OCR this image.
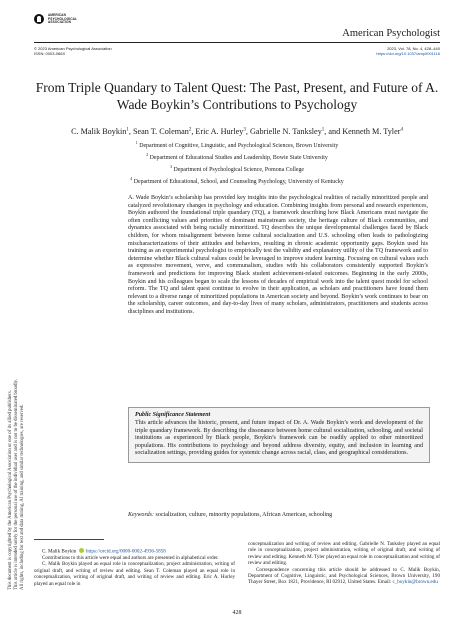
AMERICAN
PSYCHOLOGICAL
ASSOCIATION
American Psychologist
© 2023 American Psychological Association
ISSN: 0003-066X
2023, Vol. 78, No. 4, 428–440
https://doi.org/10.1037/amp0001116
This document is copyrighted by the American Psychological Association or one of its allied publishers. This article is intended solely for the personal use of the individual user and is not to be disseminated broadly. All rights, including for text and data mining, AI training, and similar technologies, are reserved.
From Triple Quandary to Talent Quest: The Past, Present, and Future of A. Wade Boykin’s Contributions to Psychology
C. Malik Boykin$^1$, Sean T. Coleman$^2$, Eric A. Hurley$^3$, Gabrielle N. Tanksley$^1$, and Kenneth M. Tyler$^4$
$^1$ Department of Cognitive, Linguistic, and Psychological Sciences, Brown University
$^2$ Department of Educational Studies and Leadership, Bowie State University
$^3$ Department of Psychological Science, Pomona College
$^4$ Department of Educational, School, and Counseling Psychology, University of Kentucky
A. Wade Boykin’s scholarship has provided key insights into the psychological realities of racially minoritized people and catalyzed revolutionary changes in psychology and education. Combining insights from personal and research experiences, Boykin authored the foundational triple quandary (TQ), a framework describing how Black Americans must navigate the often conflicting values and priorities of dominant mainstream society, the heritage culture of Black communities, and dynamics associated with being racially minoritized. TQ describes the unique developmental challenges faced by Black children, for whom misalignment between home cultural socialization and U.S. schooling often leads to pathologizing mischaracterizations of their attitudes and behaviors, resulting in chronic academic opportunity gaps. Boykin used his training as an experimental psychologist to empirically test the validity and explanatory utility of the TQ framework and to determine whether Black cultural values could be leveraged to improve student learning. Focusing on cultural values such as expressive movement, verve, and communalism, studies with his collaborators consistently supported Boykin’s framework and predictions for improving Black student achievement-related outcomes. Beginning in the early 2000s, Boykin and his colleagues began to scale the lessons of decades of empirical work into the talent quest model for school reform. The TQ and talent quest continue to evolve in their application, as scholars and practitioners have found them relevant to a diverse range of minoritized populations in American society and beyond. Boykin’s work continues to bear on the scholarship, career outcomes, and day-to-day lives of many scholars, administrators, practitioners and students across disciplines and institutions.
Public Significance Statement
This article advances the historic, present, and future impact of Dr. A. Wade Boykin’s work and development of the triple quandary framework. By describing the dissonance between home cultural socialization, schooling, and societal institutions as experienced by Black people, Boykin’s framework can be readily applied to other minoritized populations. His contributions to psychology and beyond address diversity, equity, and inclusion in learning and socialization settings, providing guides for systemic change across racial, class, and geographical considerations.
Keywords: socialization, culture, minority populations, African American, schooling

C. Malik Boykin https://orcid.org/0000-0002-4936-5858

Contributions to this article were equal and authors are presented in alphabetical order.

C. Malik Boykin played an equal role in conceptualization, project administration, writing of original draft, and writing of review and editing. Sean T. Coleman played an equal role in conceptualization, writing of original draft, and writing of review and editing. Eric A. Hurley played an equal role in

conceptualization and writing of review and editing. Gabrielle N. Tanksley played an equal role in conceptualization, project administration, writing of original draft, and writing of review and editing. Kenneth M. Tyler played an equal role in conceptualization and writing of review and editing.

Correspondence concerning this article should be addressed to C. Malik Boykin, Department of Cognitive, Linguistic, and Psychological Sciences, Brown University, 190 Thayer Street, Box 1821, Providence, RI 02912, United States. Email: c_boykin@brown.edu

428
